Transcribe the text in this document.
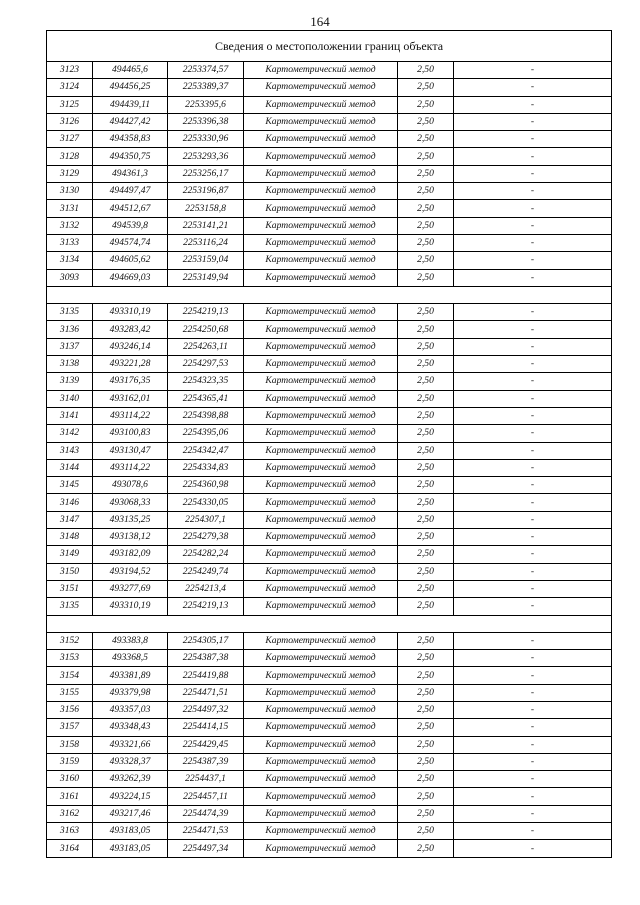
164
Сведения о местоположении границ объекта					
3123	494465,6	2253374,57	Картометрический метод	2,50	-
3124	494456,25	2253389,37	Картометрический метод	2,50	-
3125	494439,11	2253395,6	Картометрический метод	2,50	-
3126	494427,42	2253396,38	Картометрический метод	2,50	-
3127	494358,83	2253330,96	Картометрический метод	2,50	-
3128	494350,75	2253293,36	Картометрический метод	2,50	-
3129	494361,3	2253256,17	Картометрический метод	2,50	-
3130	494497,47	2253196,87	Картометрический метод	2,50	-
3131	494512,67	2253158,8	Картометрический метод	2,50	-
3132	494539,8	2253141,21	Картометрический метод	2,50	-
3133	494574,74	2253116,24	Картометрический метод	2,50	-
3134	494605,62	2253159,04	Картометрический метод	2,50	-
3093	494669,03	2253149,94	Картометрический метод	2,50	-

3135	493310,19	2254219,13	Картометрический метод	2,50	-
3136	493283,42	2254250,68	Картометрический метод	2,50	-
3137	493246,14	2254263,11	Картометрический метод	2,50	-
3138	493221,28	2254297,53	Картометрический метод	2,50	-
3139	493176,35	2254323,35	Картометрический метод	2,50	-
3140	493162,01	2254365,41	Картометрический метод	2,50	-
3141	493114,22	2254398,88	Картометрический метод	2,50	-
3142	493100,83	2254395,06	Картометрический метод	2,50	-
3143	493130,47	2254342,47	Картометрический метод	2,50	-
3144	493114,22	2254334,83	Картометрический метод	2,50	-
3145	493078,6	2254360,98	Картометрический метод	2,50	-
3146	493068,33	2254330,05	Картометрический метод	2,50	-
3147	493135,25	2254307,1	Картометрический метод	2,50	-
3148	493138,12	2254279,38	Картометрический метод	2,50	-
3149	493182,09	2254282,24	Картометрический метод	2,50	-
3150	493194,52	2254249,74	Картометрический метод	2,50	-
3151	493277,69	2254213,4	Картометрический метод	2,50	-
3135	493310,19	2254219,13	Картометрический метод	2,50	-

3152	493383,8	2254305,17	Картометрический метод	2,50	-
3153	493368,5	2254387,38	Картометрический метод	2,50	-
3154	493381,89	2254419,88	Картометрический метод	2,50	-
3155	493379,98	2254471,51	Картометрический метод	2,50	-
3156	493357,03	2254497,32	Картометрический метод	2,50	-
3157	493348,43	2254414,15	Картометрический метод	2,50	-
3158	493321,66	2254429,45	Картометрический метод	2,50	-
3159	493328,37	2254387,39	Картометрический метод	2,50	-
3160	493262,39	2254437,1	Картометрический метод	2,50	-
3161	493224,15	2254457,11	Картометрический метод	2,50	-
3162	493217,46	2254474,39	Картометрический метод	2,50	-
3163	493183,05	2254471,53	Картометрический метод	2,50	-
3164	493183,05	2254497,34	Картометрический метод	2,50	-
